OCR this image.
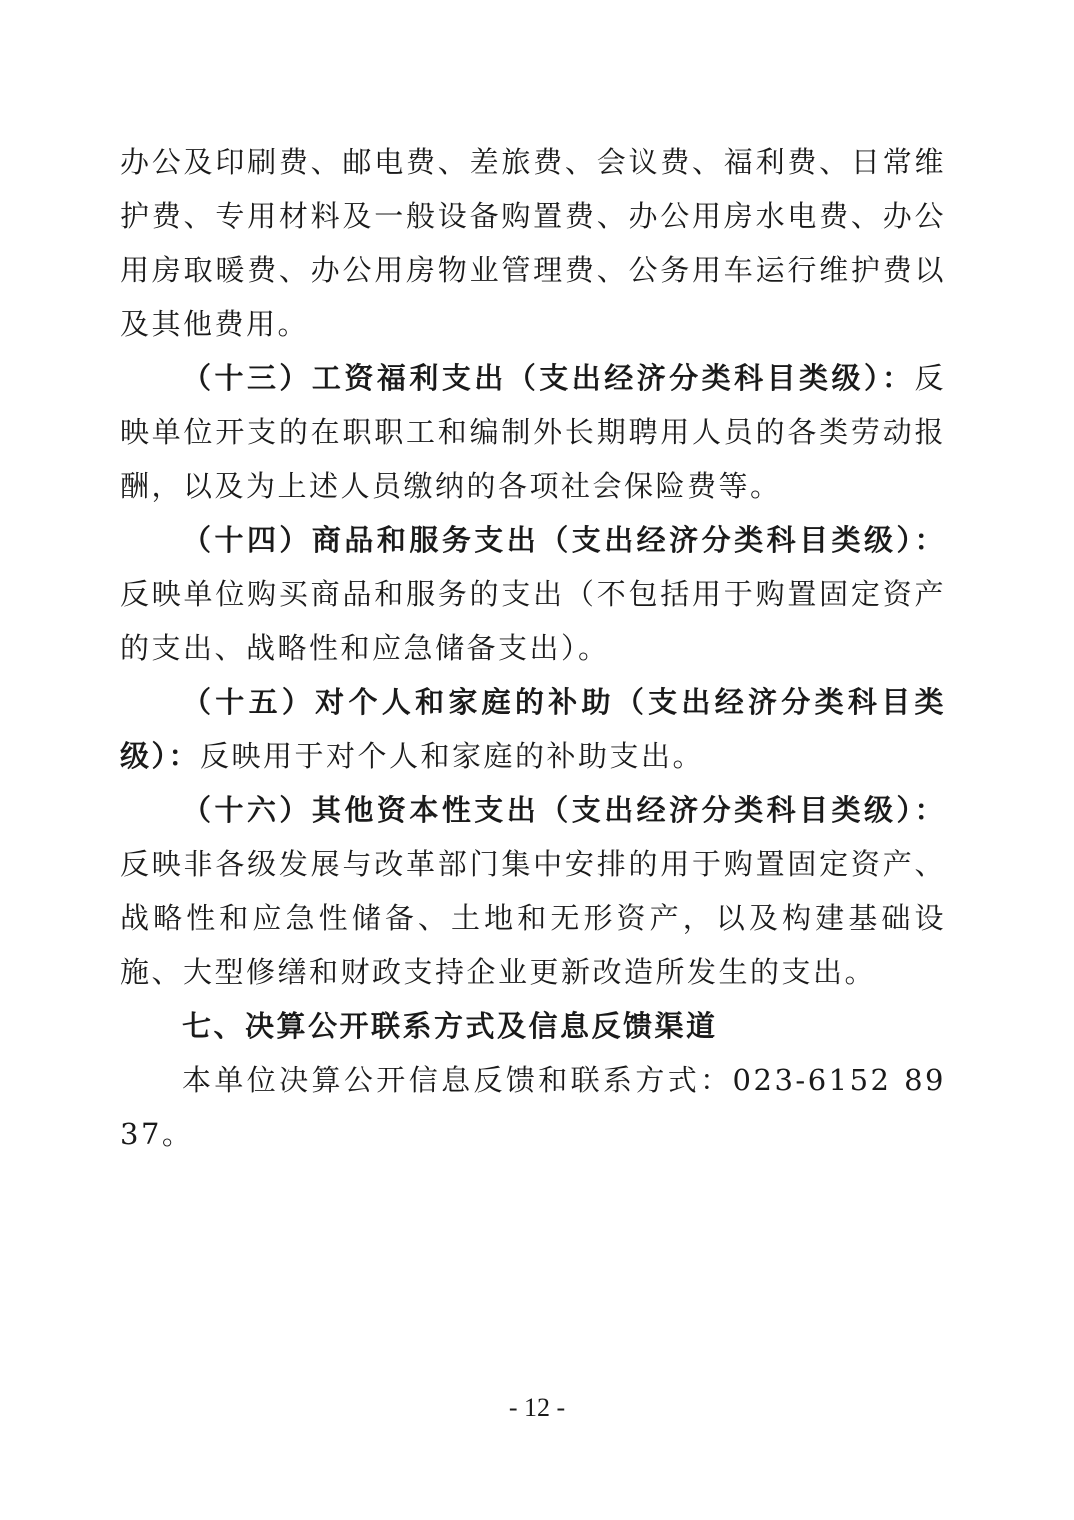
办公及印刷费、邮电费、差旅费、会议费、福利费、日常维护费、专用材料及一般设备购置费、办公用房水电费、办公用房取暖费、办公用房物业管理费、公务用车运行维护费以及其他费用。

（十三）工资福利支出（支出经济分类科目类级）：反映单位开支的在职职工和编制外长期聘用人员的各类劳动报酬，以及为上述人员缴纳的各项社会保险费等。

（十四）商品和服务支出（支出经济分类科目类级）：反映单位购买商品和服务的支出（不包括用于购置固定资产的支出、战略性和应急储备支出）。

（十五）对个人和家庭的补助（支出经济分类科目类级）：反映用于对个人和家庭的补助支出。

（十六）其他资本性支出（支出经济分类科目类级）：反映非各级发展与改革部门集中安排的用于购置固定资产、战略性和应急性储备、土地和无形资产，以及构建基础设施、大型修缮和财政支持企业更新改造所发生的支出。

七、决算公开联系方式及信息反馈渠道

本单位决算公开信息反馈和联系方式：023-6152 8937。

- 12 -
